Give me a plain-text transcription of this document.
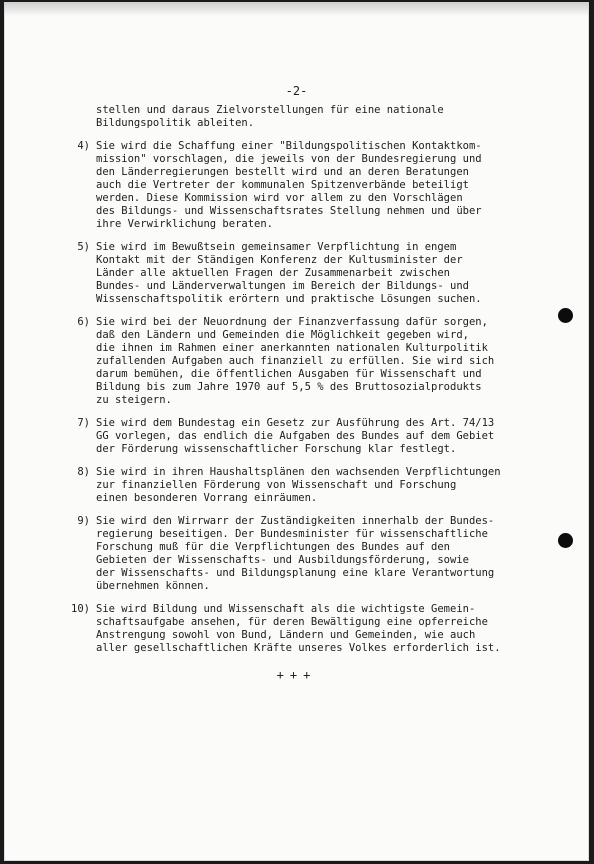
-2-
stellen und daraus Zielvorstellungen für eine nationale
Bildungspolitik ableiten.
4) Sie wird die Schaffung einer "Bildungspolitischen Kontaktkom-
mission" vorschlagen, die jeweils von der Bundesregierung und
den Länderregierungen bestellt wird und an deren Beratungen
auch die Vertreter der kommunalen Spitzenverbände beteiligt
werden. Diese Kommission wird vor allem zu den Vorschlägen
des Bildungs- und Wissenschaftsrates Stellung nehmen und über
ihre Verwirklichung beraten.
5) Sie wird im Bewußtsein gemeinsamer Verpflichtung in engem
Kontakt mit der Ständigen Konferenz der Kultusminister der
Länder alle aktuellen Fragen der Zusammenarbeit zwischen
Bundes- und Länderverwaltungen im Bereich der Bildungs- und
Wissenschaftspolitik erörtern und praktische Lösungen suchen.
6) Sie wird bei der Neuordnung der Finanzverfassung dafür sorgen,
daß den Ländern und Gemeinden die Möglichkeit gegeben wird,
die ihnen im Rahmen einer anerkannten nationalen Kulturpolitik
zufallenden Aufgaben auch finanziell zu erfüllen. Sie wird sich
darum bemühen, die öffentlichen Ausgaben für Wissenschaft und
Bildung bis zum Jahre 1970 auf 5,5 % des Bruttosozialprodukts
zu steigern.
7) Sie wird dem Bundestag ein Gesetz zur Ausführung des Art. 74/13
GG vorlegen, das endlich die Aufgaben des Bundes auf dem Gebiet
der Förderung wissenschaftlicher Forschung klar festlegt.
8) Sie wird in ihren Haushaltsplänen den wachsenden Verpflichtungen
zur finanziellen Förderung von Wissenschaft und Forschung
einen besonderen Vorrang einräumen.
9) Sie wird den Wirrwarr der Zuständigkeiten innerhalb der Bundes-
regierung beseitigen. Der Bundesminister für wissenschaftliche
Forschung muß für die Verpflichtungen des Bundes auf den
Gebieten der Wissenschafts- und Ausbildungsförderung, sowie
der Wissenschafts- und Bildungsplanung eine klare Verantwortung
übernehmen können.
10) Sie wird Bildung und Wissenschaft als die wichtigste Gemein-
schaftsaufgabe ansehen, für deren Bewältigung eine opferreiche
Anstrengung sowohl von Bund, Ländern und Gemeinden, wie auch
aller gesellschaftlichen Kräfte unseres Volkes erforderlich ist.
+++
